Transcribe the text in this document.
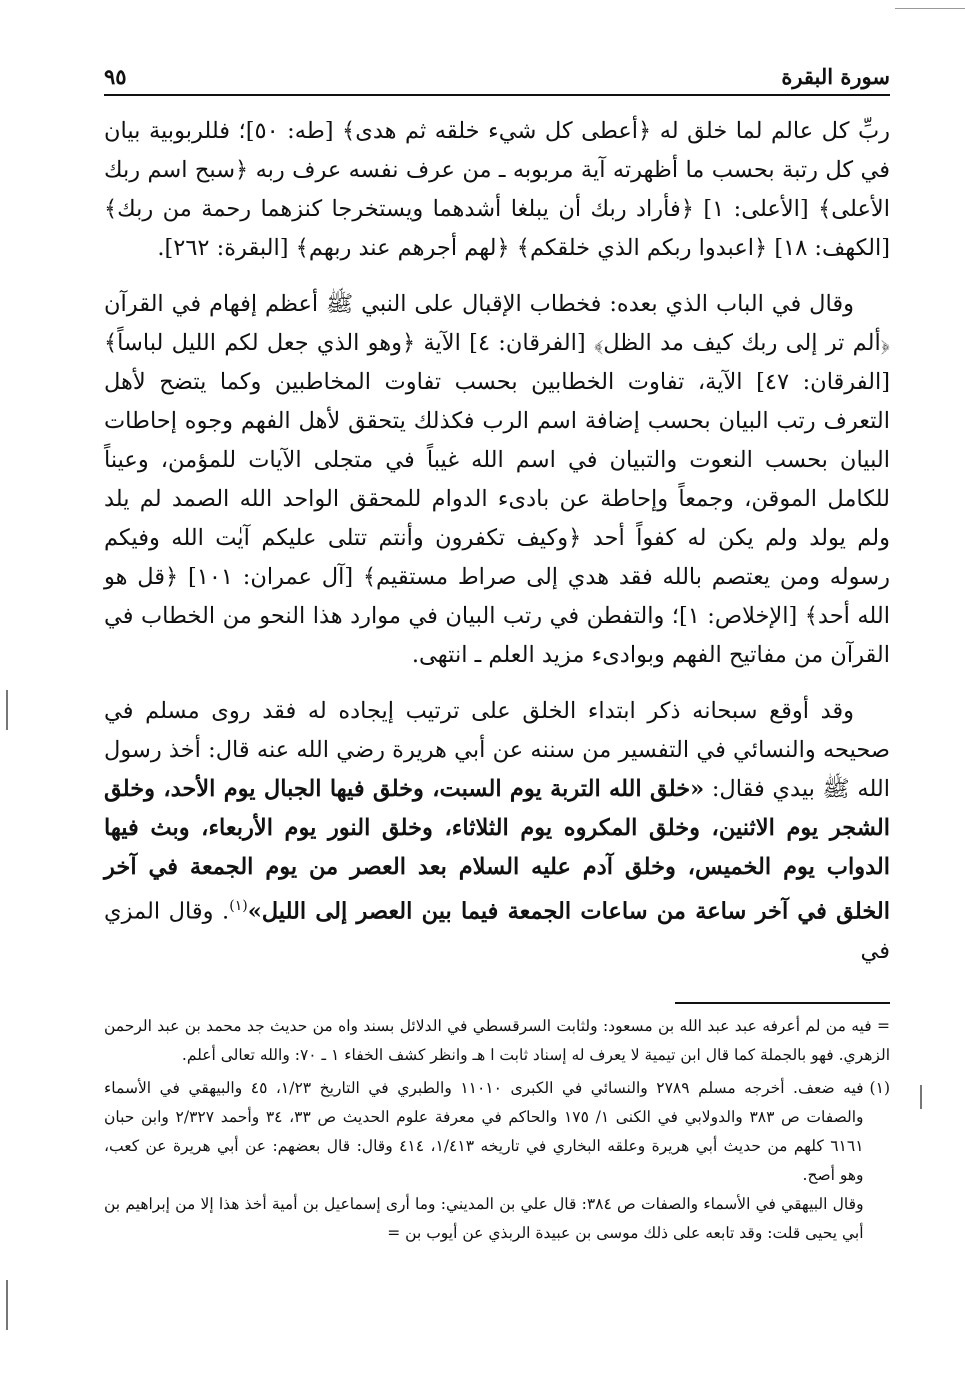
سورة البقرة
٩٥

ربِّ كل عالم لما خلق له ﴿أعطى كل شيء خلقه ثم هدى﴾ [طه: ٥٠]؛ فللربوبية بيان في كل رتبة بحسب ما أظهرته آية مربوبه ـ من عرف نفسه عرف ربه ﴿سبح اسم ربك الأعلى﴾ [الأعلى: ١] ﴿فأراد ربك أن يبلغا أشدهما ويستخرجا كنزهما رحمة من ربك﴾ [الكهف: ١٨] ﴿اعبدوا ربكم الذي خلقكم﴾ ﴿لهم أجرهم عند ربهم﴾ [البقرة: ٢٦٢].

وقال في الباب الذي بعده: فخطاب الإقبال على النبي ﷺ أعظم إفهام في القرآن ﴿ألم تر إلى ربك كيف مد الظل﴾ [الفرقان: ٤] الآية ﴿وهو الذي جعل لكم الليل لباساً﴾ [الفرقان: ٤٧] الآية، تفاوت الخطابين بحسب تفاوت المخاطبين وكما يتضح لأهل التعرف رتب البيان بحسب إضافة اسم الرب فكذلك يتحقق لأهل الفهم وجوه إحاطات البيان بحسب النعوت والتبيان في اسم الله غيباً في متجلى الآيات للمؤمن، وعيناً للكامل الموقن، وجمعاً وإحاطة عن بادىء الدوام للمحقق الواحد الله الصمد لم يلد ولم يولد ولم يكن له كفواً أحد ﴿وكيف تكفرون وأنتم تتلى عليكم آيٰت الله وفيكم رسوله ومن يعتصم بالله فقد هدي إلى صراط مستقيم﴾ [آل عمران: ١٠١] ﴿قل هو الله أحد﴾ [الإخلاص: ١]؛ والتفطن في رتب البيان في موارد هذا النحو من الخطاب في القرآن من مفاتيح الفهم وبوادىء مزيد العلم ـ انتهى.

وقد أوقع سبحانه ذكر ابتداء الخلق على ترتيب إيجاده له فقد روى مسلم في صحيحه والنسائي في التفسير من سننه عن أبي هريرة رضي الله عنه قال: أخذ رسول الله ﷺ بيدي فقال: «خلق الله التربة يوم السبت، وخلق فيها الجبال يوم الأحد، وخلق الشجر يوم الاثنين، وخلق المكروه يوم الثلاثاء، وخلق النور يوم الأربعاء، وبث فيها الدواب يوم الخميس، وخلق آدم عليه السلام بعد العصر من يوم الجمعة في آخر الخلق في آخر ساعة من ساعات الجمعة فيما بين العصر إلى الليل»$^{(١)}$. وقال المزي في

= فيه من لم أعرفه عبد عبد الله بن مسعود: ولثابت السرقسطي في الدلائل بسند واه من حديث جد محمد بن عبد الرحمن الزهري. فهو بالجملة كما قال ابن تيمية لا يعرف له إسناد ثابت ا هـ وانظر كشف الخفاء ١ ـ ٧٠: والله تعالى أعلم.
(١)
فيه ضعف. أخرجه مسلم ٢٧٨٩ والنسائي في الكبرى ١١٠١٠ والطبري في التاريخ ١/٢٣، ٤٥ والبيهقي في الأسماء والصفات ص ٣٨٣ والدولابي في الكنى ١/ ١٧٥ والحاكم في معرفة علوم الحديث ص ٣٣، ٣٤ وأحمد ٢/٣٢٧ وابن حبان ٦١٦١ كلهم من حديث أبي هريرة وعلقه البخاري في تاريخه ١/٤١٣، ٤١٤ وقال: قال بعضهم: عن أبي هريرة عن كعب، وهو أصح.
وقال البيهقي في الأسماء والصفات ص ٣٨٤: قال علي بن المديني: وما أرى إسماعيل بن أمية أخذ هذا إلا من إبراهيم بن أبي يحيى قلت: وقد تابعه على ذلك موسى بن عبيدة الربذي عن أيوب بن =
